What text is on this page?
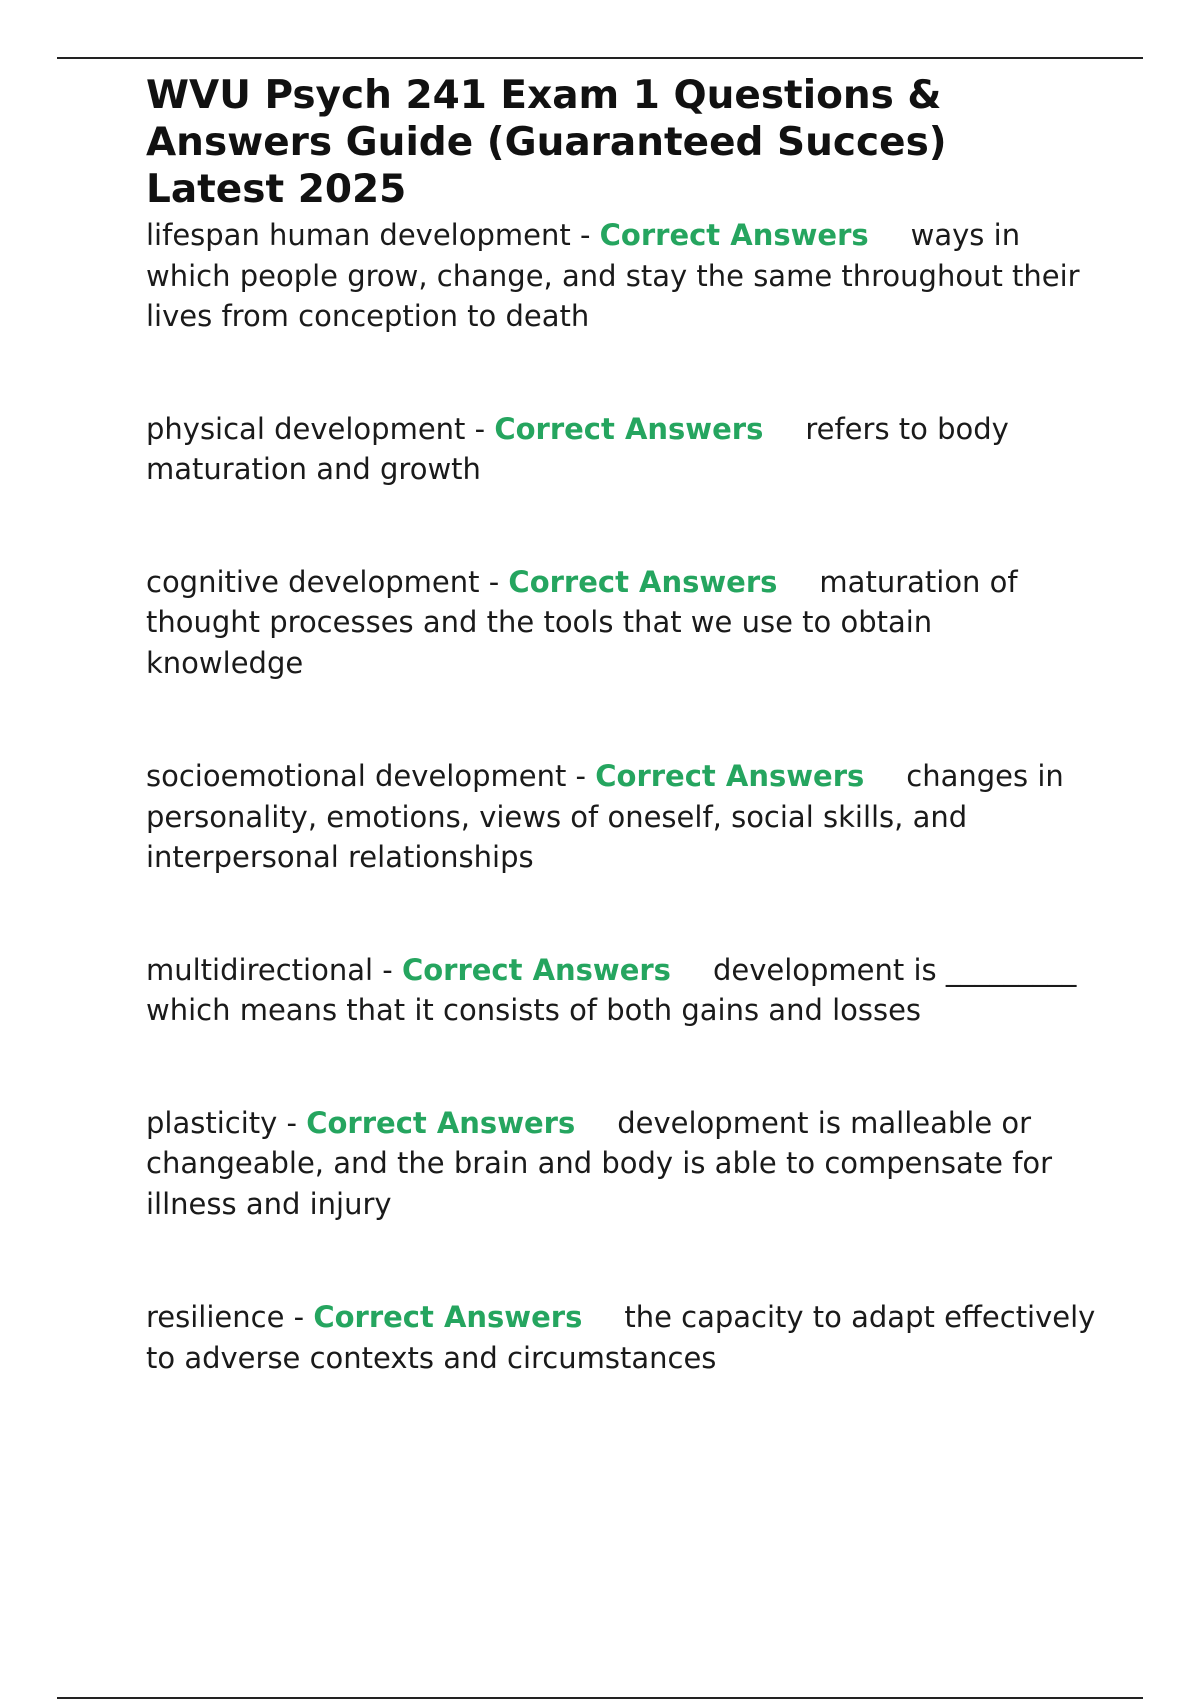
WVU Psych 241 Exam 1 Questions & Answers Guide (Guaranteed Succes) Latest 2025

lifespan human development - Correct Answers ways in which people grow, change, and stay the same throughout their lives from conception to death

physical development - Correct Answers refers to body maturation and growth

cognitive development - Correct Answers maturation of thought processes and the tools that we use to obtain knowledge

socioemotional development - Correct Answers changes in personality, emotions, views of oneself, social skills, and interpersonal relationships

multidirectional - Correct Answers development is _________ which means that it consists of both gains and losses

plasticity - Correct Answers development is malleable or changeable, and the brain and body is able to compensate for illness and injury

resilience - Correct Answers the capacity to adapt effectively to adverse contexts and circumstances
